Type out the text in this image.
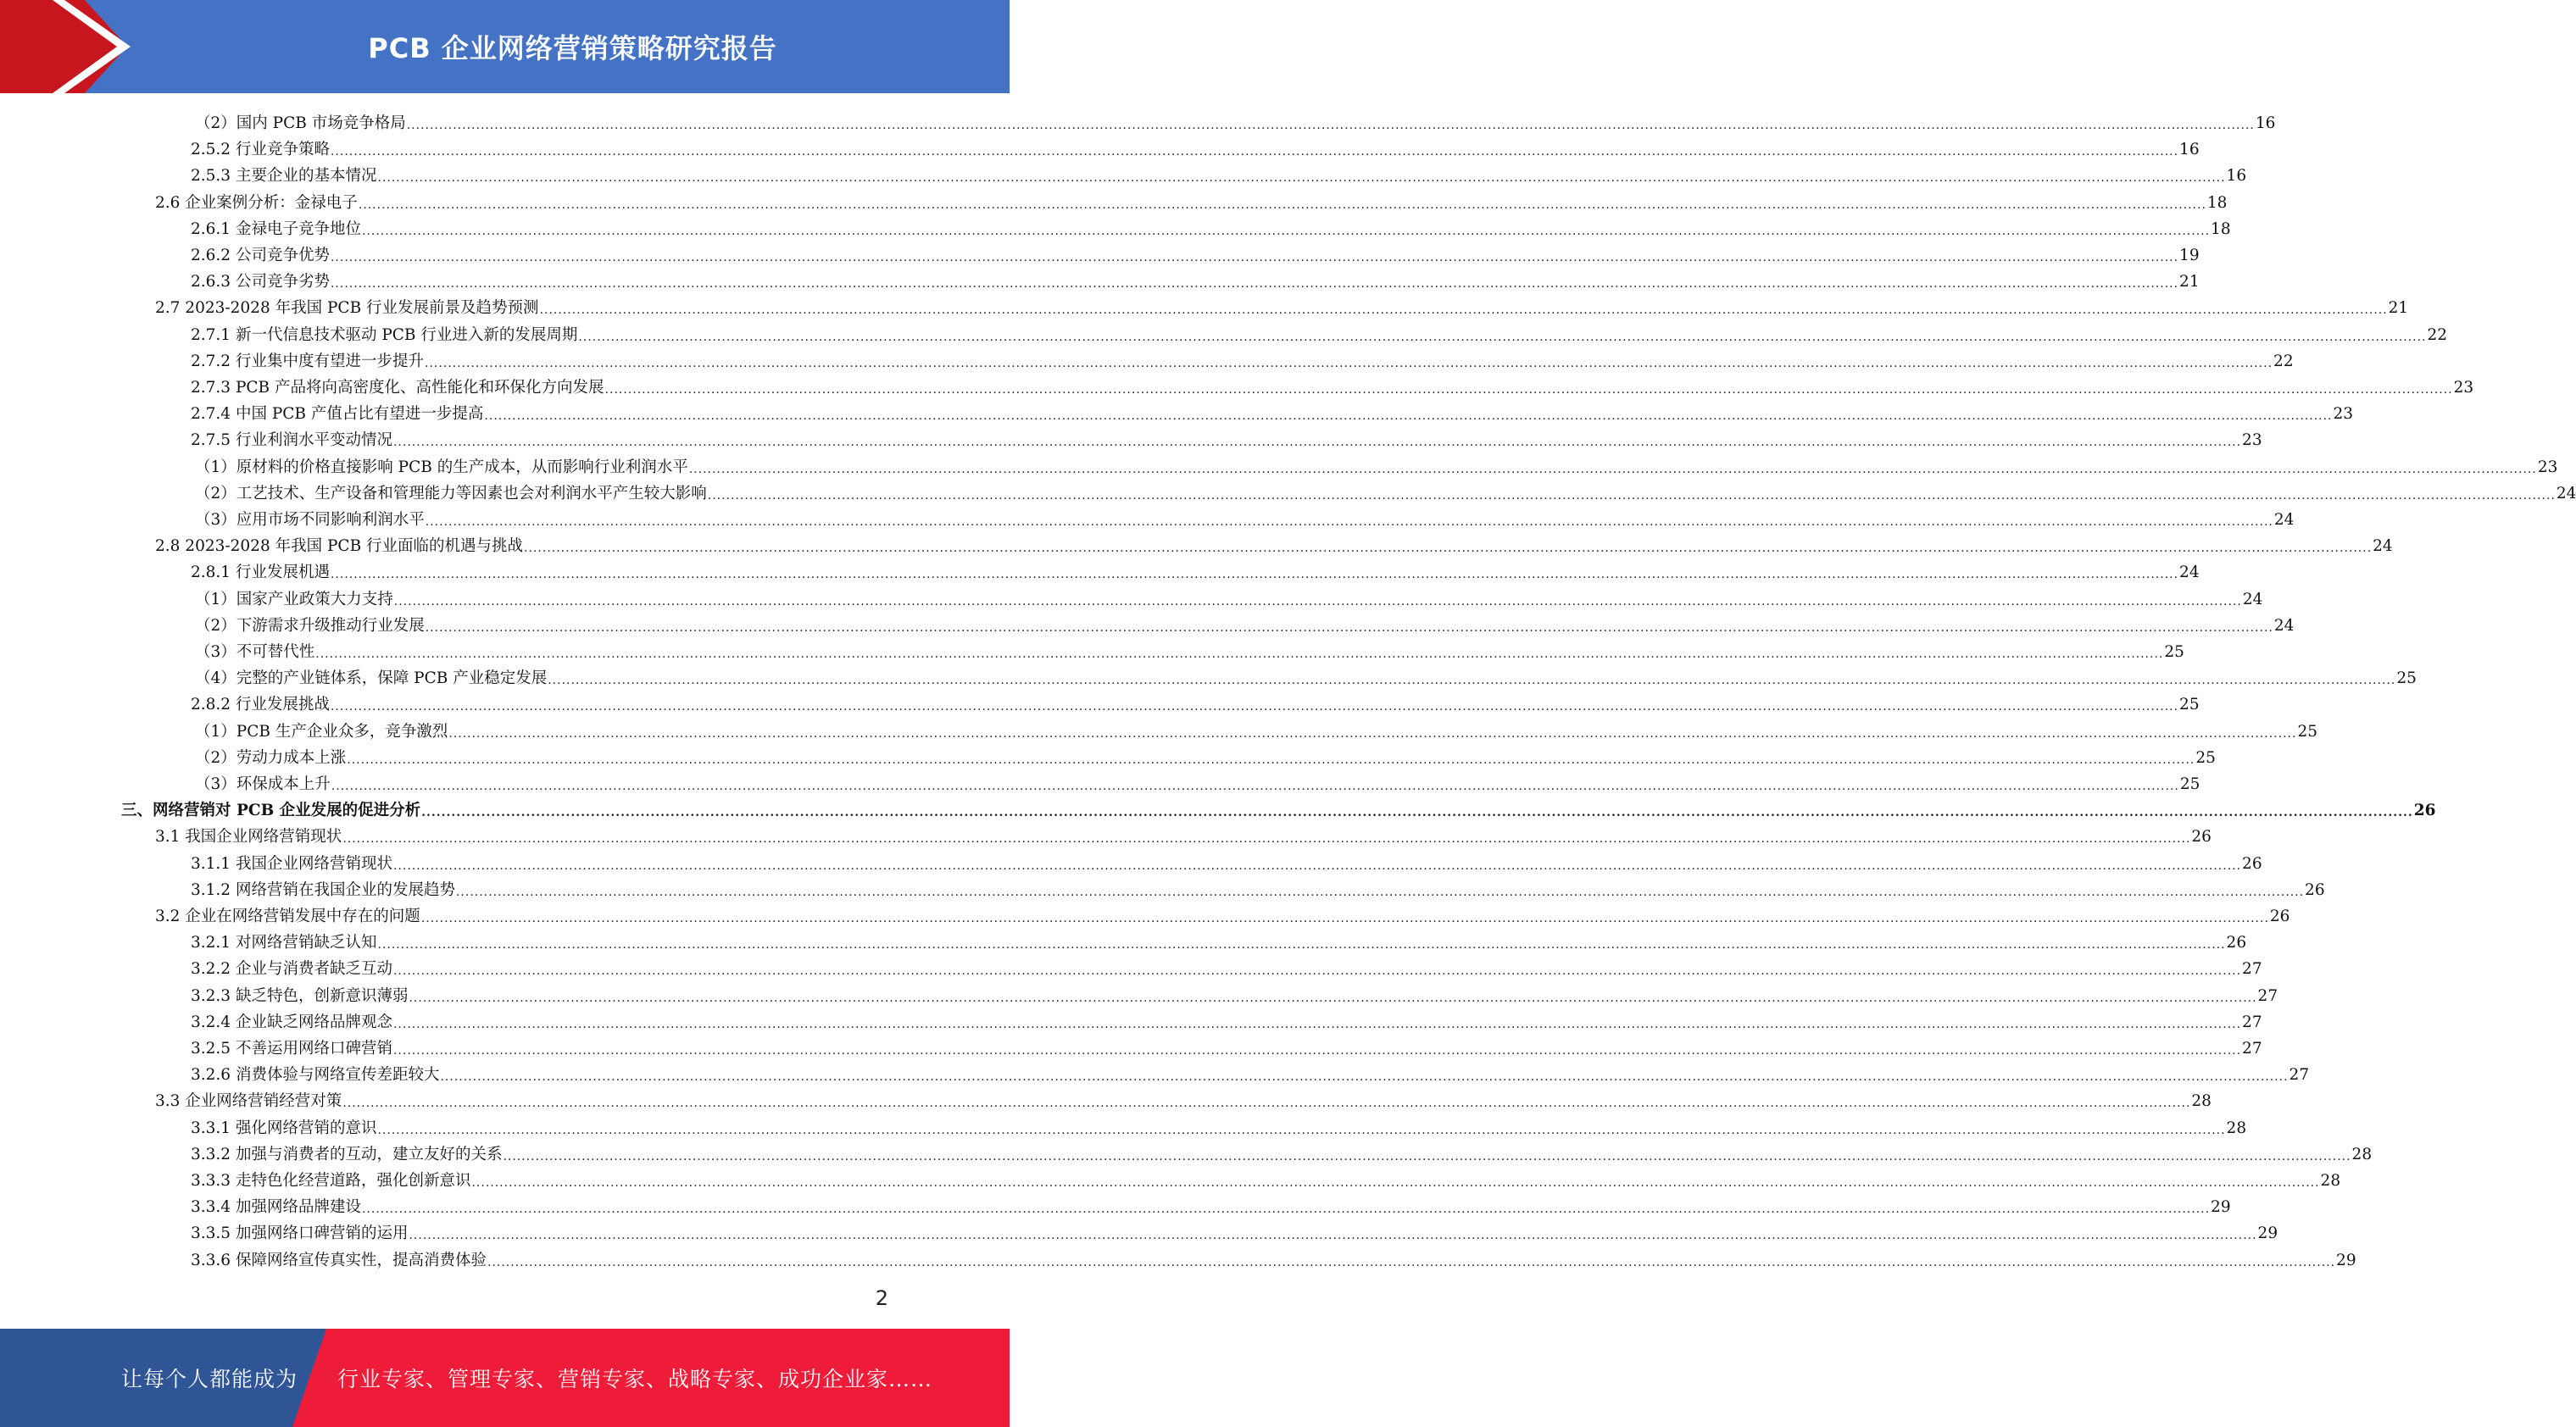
PCB 企业网络营销策略研究报告
（2）国内 PCB 市场竞争格局 ................................................................................................................................................................................................................................................................................................................................................................................................................ 16
2.5.2 行业竞争策略 ................................................................................................................................................................................................................................................................................................................................................................................................................ 16
2.5.3 主要企业的基本情况 ................................................................................................................................................................................................................................................................................................................................................................................................................ 16
2.6 企业案例分析：金禄电子 ................................................................................................................................................................................................................................................................................................................................................................................................................ 18
2.6.1 金禄电子竞争地位 ................................................................................................................................................................................................................................................................................................................................................................................................................ 18
2.6.2 公司竞争优势 ................................................................................................................................................................................................................................................................................................................................................................................................................ 19
2.6.3 公司竞争劣势 ................................................................................................................................................................................................................................................................................................................................................................................................................ 21
2.7 2023-2028 年我国 PCB 行业发展前景及趋势预测 ................................................................................................................................................................................................................................................................................................................................................................................................................ 21
2.7.1 新一代信息技术驱动 PCB 行业进入新的发展周期 ................................................................................................................................................................................................................................................................................................................................................................................................................ 22
2.7.2 行业集中度有望进一步提升 ................................................................................................................................................................................................................................................................................................................................................................................................................ 22
2.7.3 PCB 产品将向高密度化、高性能化和环保化方向发展 ................................................................................................................................................................................................................................................................................................................................................................................................................ 23
2.7.4 中国 PCB 产值占比有望进一步提高 ................................................................................................................................................................................................................................................................................................................................................................................................................ 23
2.7.5 行业利润水平变动情况 ................................................................................................................................................................................................................................................................................................................................................................................................................ 23
（1）原材料的价格直接影响 PCB 的生产成本，从而影响行业利润水平 ................................................................................................................................................................................................................................................................................................................................................................................................................ 23
（2）工艺技术、生产设备和管理能力等因素也会对利润水平产生较大影响 ................................................................................................................................................................................................................................................................................................................................................................................................................ 24
（3）应用市场不同影响利润水平 ................................................................................................................................................................................................................................................................................................................................................................................................................ 24
2.8 2023-2028 年我国 PCB 行业面临的机遇与挑战 ................................................................................................................................................................................................................................................................................................................................................................................................................ 24
2.8.1 行业发展机遇 ................................................................................................................................................................................................................................................................................................................................................................................................................ 24
（1）国家产业政策大力支持 ................................................................................................................................................................................................................................................................................................................................................................................................................ 24
（2）下游需求升级推动行业发展 ................................................................................................................................................................................................................................................................................................................................................................................................................ 24
（3）不可替代性 ................................................................................................................................................................................................................................................................................................................................................................................................................ 25
（4）完整的产业链体系，保障 PCB 产业稳定发展 ................................................................................................................................................................................................................................................................................................................................................................................................................ 25
2.8.2 行业发展挑战 ................................................................................................................................................................................................................................................................................................................................................................................................................ 25
（1）PCB 生产企业众多，竞争激烈 ................................................................................................................................................................................................................................................................................................................................................................................................................ 25
（2）劳动力成本上涨 ................................................................................................................................................................................................................................................................................................................................................................................................................ 25
（3）环保成本上升 ................................................................................................................................................................................................................................................................................................................................................................................................................ 25
三、网络营销对 PCB 企业发展的促进分析 ................................................................................................................................................................................................................................................................................................................................................................................................................ 26
3.1 我国企业网络营销现状 ................................................................................................................................................................................................................................................................................................................................................................................................................ 26
3.1.1 我国企业网络营销现状 ................................................................................................................................................................................................................................................................................................................................................................................................................ 26
3.1.2 网络营销在我国企业的发展趋势 ................................................................................................................................................................................................................................................................................................................................................................................................................ 26
3.2 企业在网络营销发展中存在的问题 ................................................................................................................................................................................................................................................................................................................................................................................................................ 26
3.2.1 对网络营销缺乏认知 ................................................................................................................................................................................................................................................................................................................................................................................................................ 26
3.2.2 企业与消费者缺乏互动 ................................................................................................................................................................................................................................................................................................................................................................................................................ 27
3.2.3 缺乏特色，创新意识薄弱 ................................................................................................................................................................................................................................................................................................................................................................................................................ 27
3.2.4 企业缺乏网络品牌观念 ................................................................................................................................................................................................................................................................................................................................................................................................................ 27
3.2.5 不善运用网络口碑营销 ................................................................................................................................................................................................................................................................................................................................................................................................................ 27
3.2.6 消费体验与网络宣传差距较大 ................................................................................................................................................................................................................................................................................................................................................................................................................ 27
3.3 企业网络营销经营对策 ................................................................................................................................................................................................................................................................................................................................................................................................................ 28
3.3.1 强化网络营销的意识 ................................................................................................................................................................................................................................................................................................................................................................................................................ 28
3.3.2 加强与消费者的互动，建立友好的关系 ................................................................................................................................................................................................................................................................................................................................................................................................................ 28
3.3.3 走特色化经营道路，强化创新意识 ................................................................................................................................................................................................................................................................................................................................................................................................................ 28
3.3.4 加强网络品牌建设 ................................................................................................................................................................................................................................................................................................................................................................................................................ 29
3.3.5 加强网络口碑营销的运用 ................................................................................................................................................................................................................................................................................................................................................................................................................ 29
3.3.6 保障网络宣传真实性，提高消费体验 ................................................................................................................................................................................................................................................................................................................................................................................................................ 29
2
让每个人都能成为 行业专家、管理专家、营销专家、战略专家、成功企业家……
